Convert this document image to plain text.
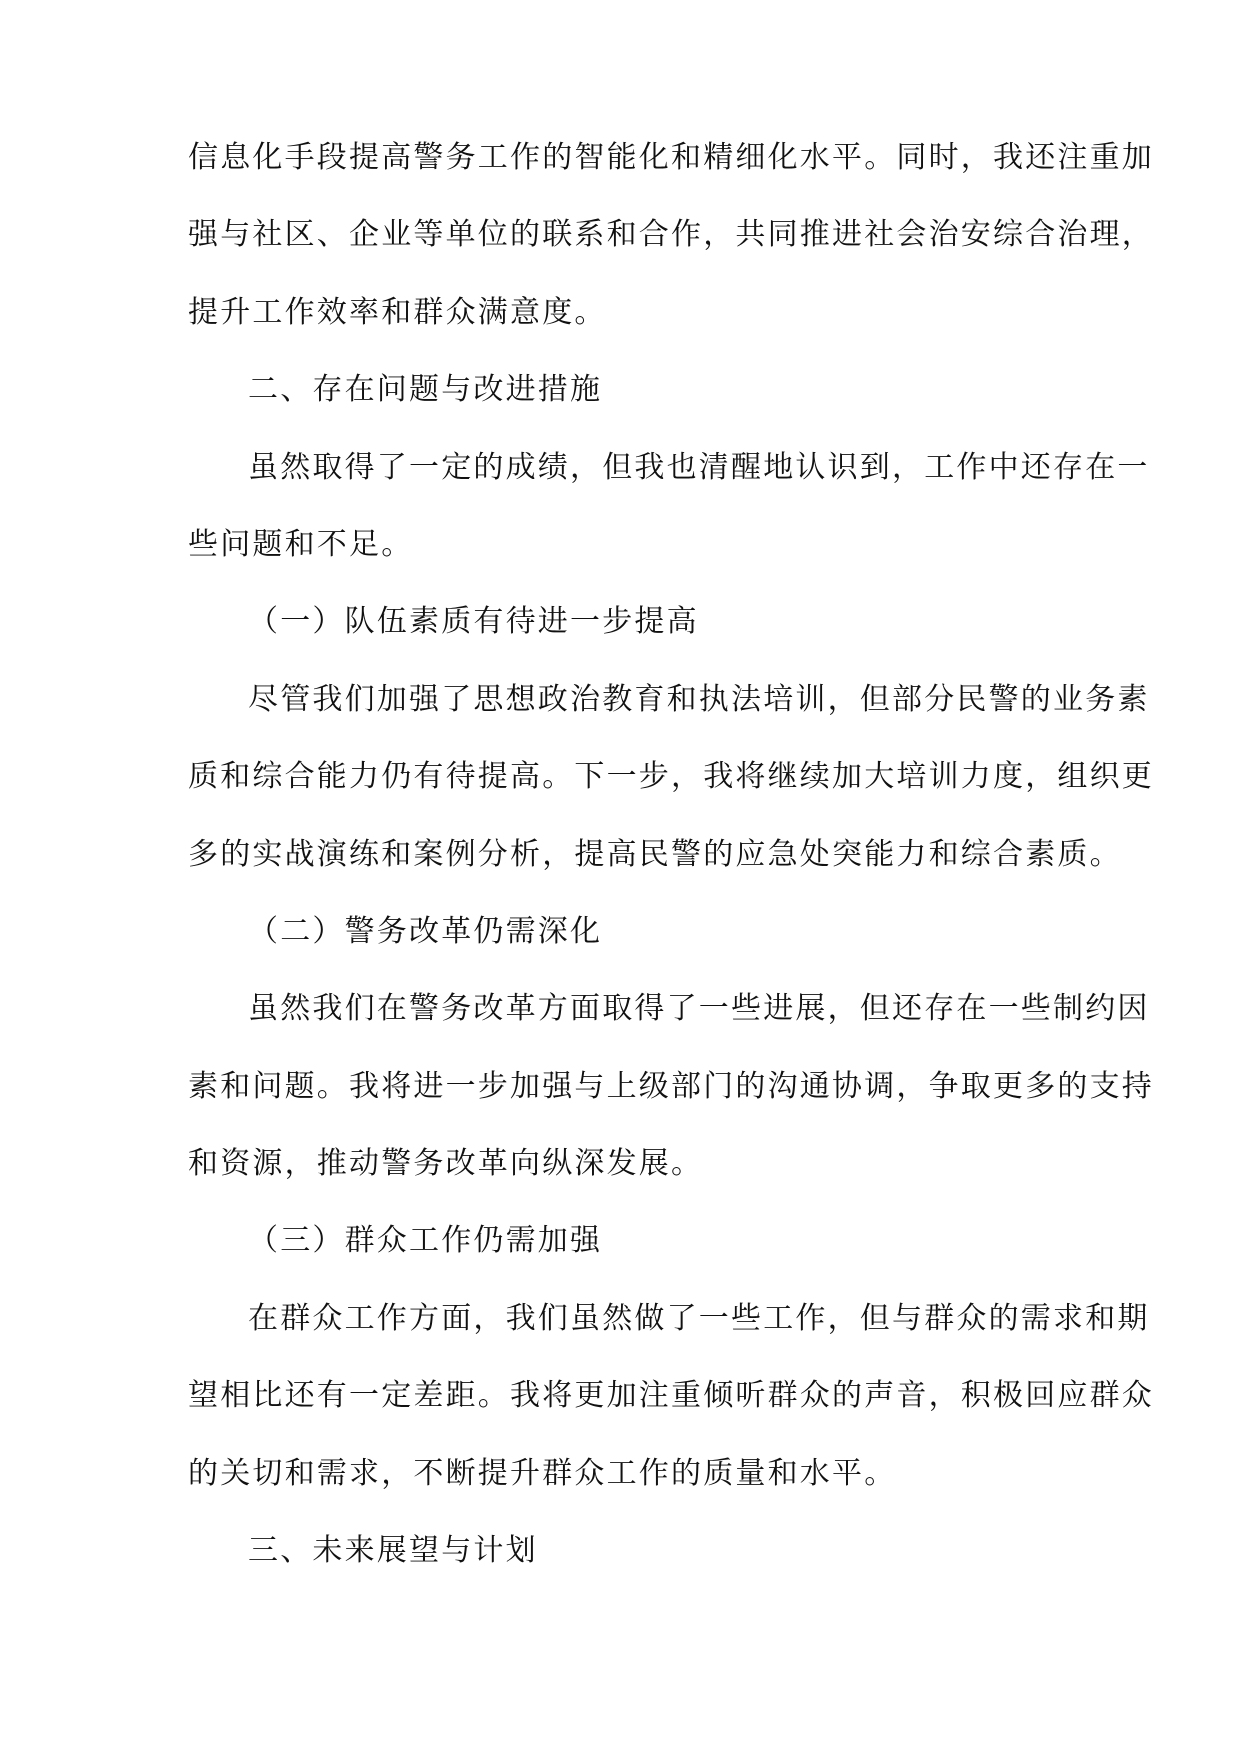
信息化手段提高警务工作的智能化和精细化水平。同时，我还注重加

强与社区、企业等单位的联系和合作，共同推进社会治安综合治理，

提升工作效率和群众满意度。

二、存在问题与改进措施

虽然取得了一定的成绩，但我也清醒地认识到，工作中还存在一

些问题和不足。

（一）队伍素质有待进一步提高

尽管我们加强了思想政治教育和执法培训，但部分民警的业务素

质和综合能力仍有待提高。下一步，我将继续加大培训力度，组织更

多的实战演练和案例分析，提高民警的应急处突能力和综合素质。

（二）警务改革仍需深化

虽然我们在警务改革方面取得了一些进展，但还存在一些制约因

素和问题。我将进一步加强与上级部门的沟通协调，争取更多的支持

和资源，推动警务改革向纵深发展。

（三）群众工作仍需加强

在群众工作方面，我们虽然做了一些工作，但与群众的需求和期

望相比还有一定差距。我将更加注重倾听群众的声音，积极回应群众

的关切和需求，不断提升群众工作的质量和水平。

三、未来展望与计划
